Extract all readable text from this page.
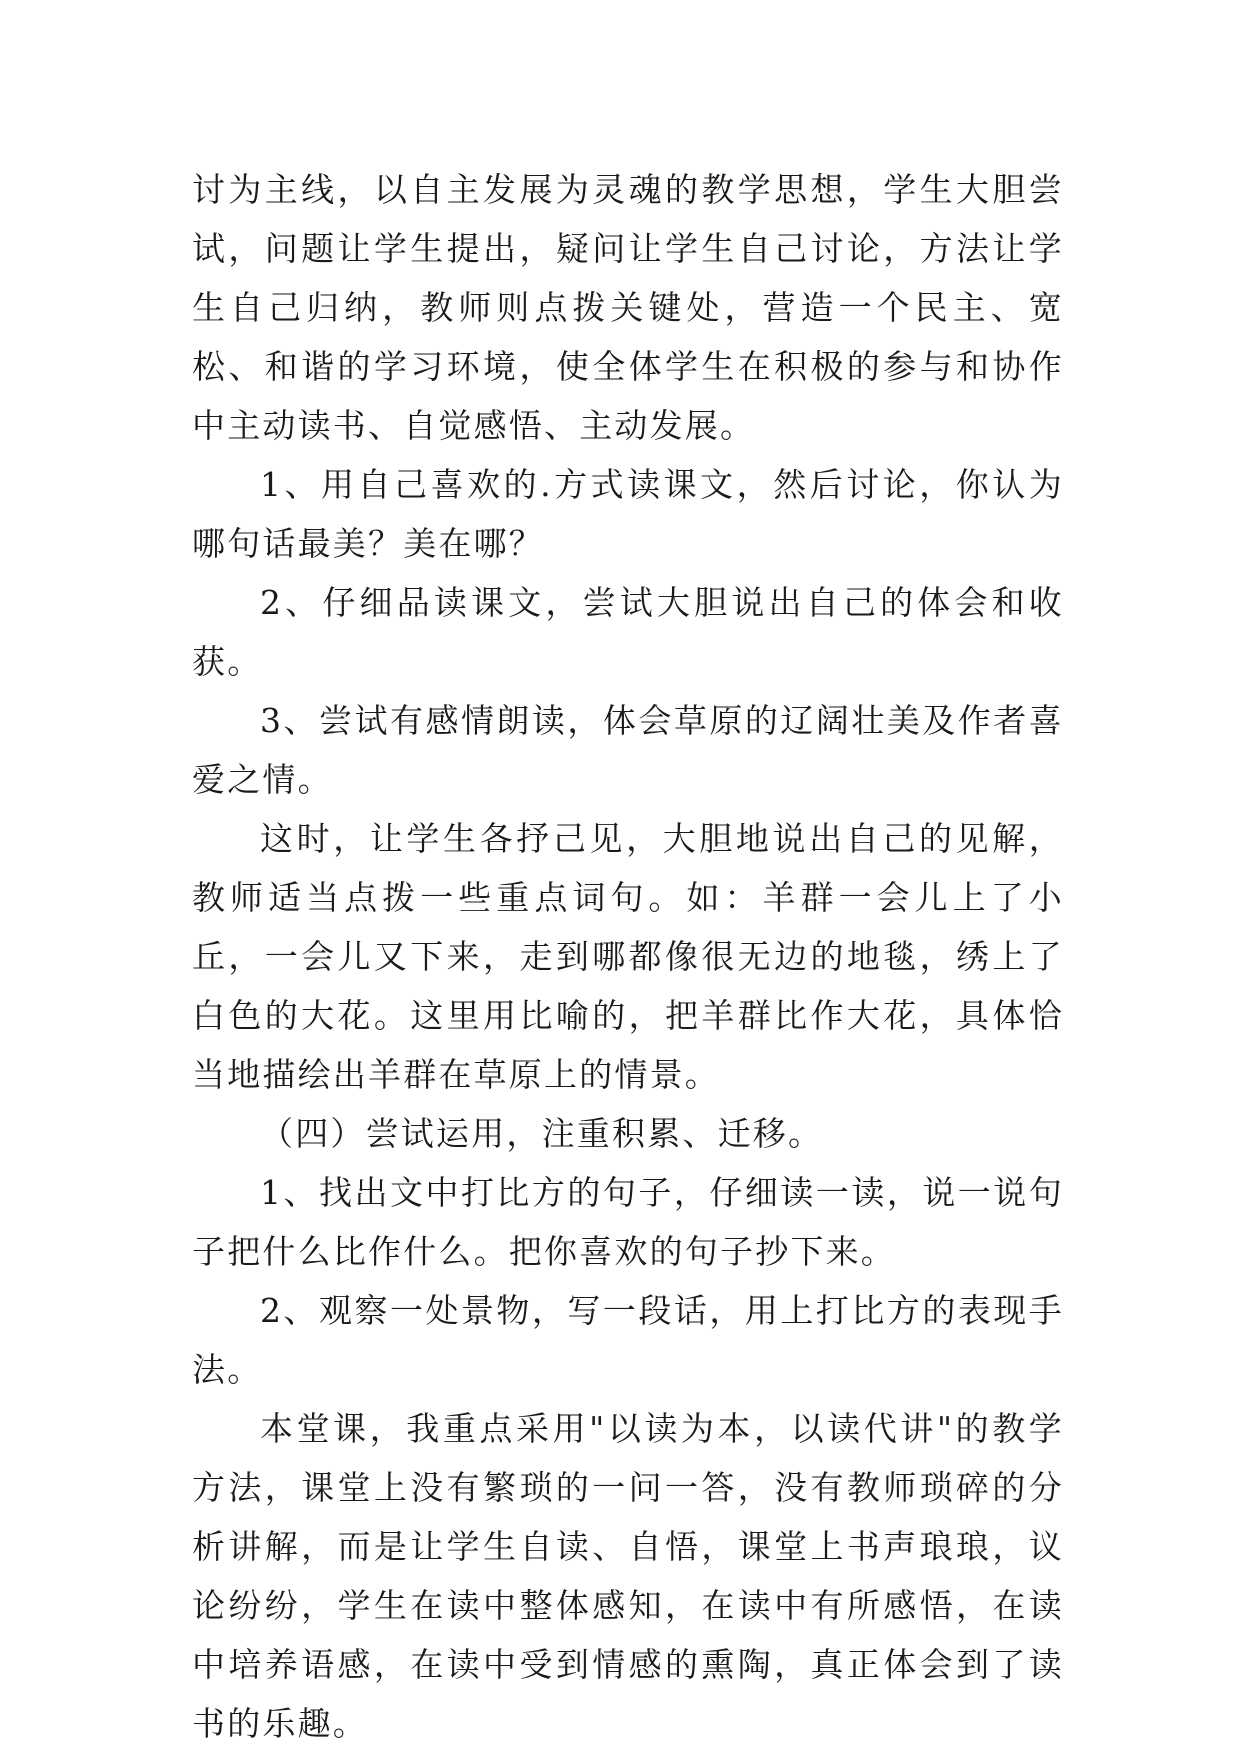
讨为主线，以自主发展为灵魂的教学思想，学生大胆尝试，问题让学生提出，疑问让学生自己讨论，方法让学生自己归纳，教师则点拨关键处，营造一个民主、宽松、和谐的学习环境，使全体学生在积极的参与和协作中主动读书、自觉感悟、主动发展。

1、用自己喜欢的.方式读课文，然后讨论，你认为哪句话最美？美在哪？

2、仔细品读课文，尝试大胆说出自己的体会和收获。

3、尝试有感情朗读，体会草原的辽阔壮美及作者喜爱之情。

这时，让学生各抒己见，大胆地说出自己的见解，教师适当点拨一些重点词句。如：羊群一会儿上了小丘，一会儿又下来，走到哪都像很无边的地毯，绣上了白色的大花。这里用比喻的，把羊群比作大花，具体恰当地描绘出羊群在草原上的情景。

（四）尝试运用，注重积累、迁移。

1、找出文中打比方的句子，仔细读一读，说一说句子把什么比作什么。把你喜欢的句子抄下来。

2、观察一处景物，写一段话，用上打比方的表现手法。

本堂课，我重点采用"以读为本，以读代讲"的教学方法，课堂上没有繁琐的一问一答，没有教师琐碎的分析讲解，而是让学生自读、自悟，课堂上书声琅琅，议论纷纷，学生在读中整体感知，在读中有所感悟，在读中培养语感，在读中受到情感的熏陶，真正体会到了读书的乐趣。
